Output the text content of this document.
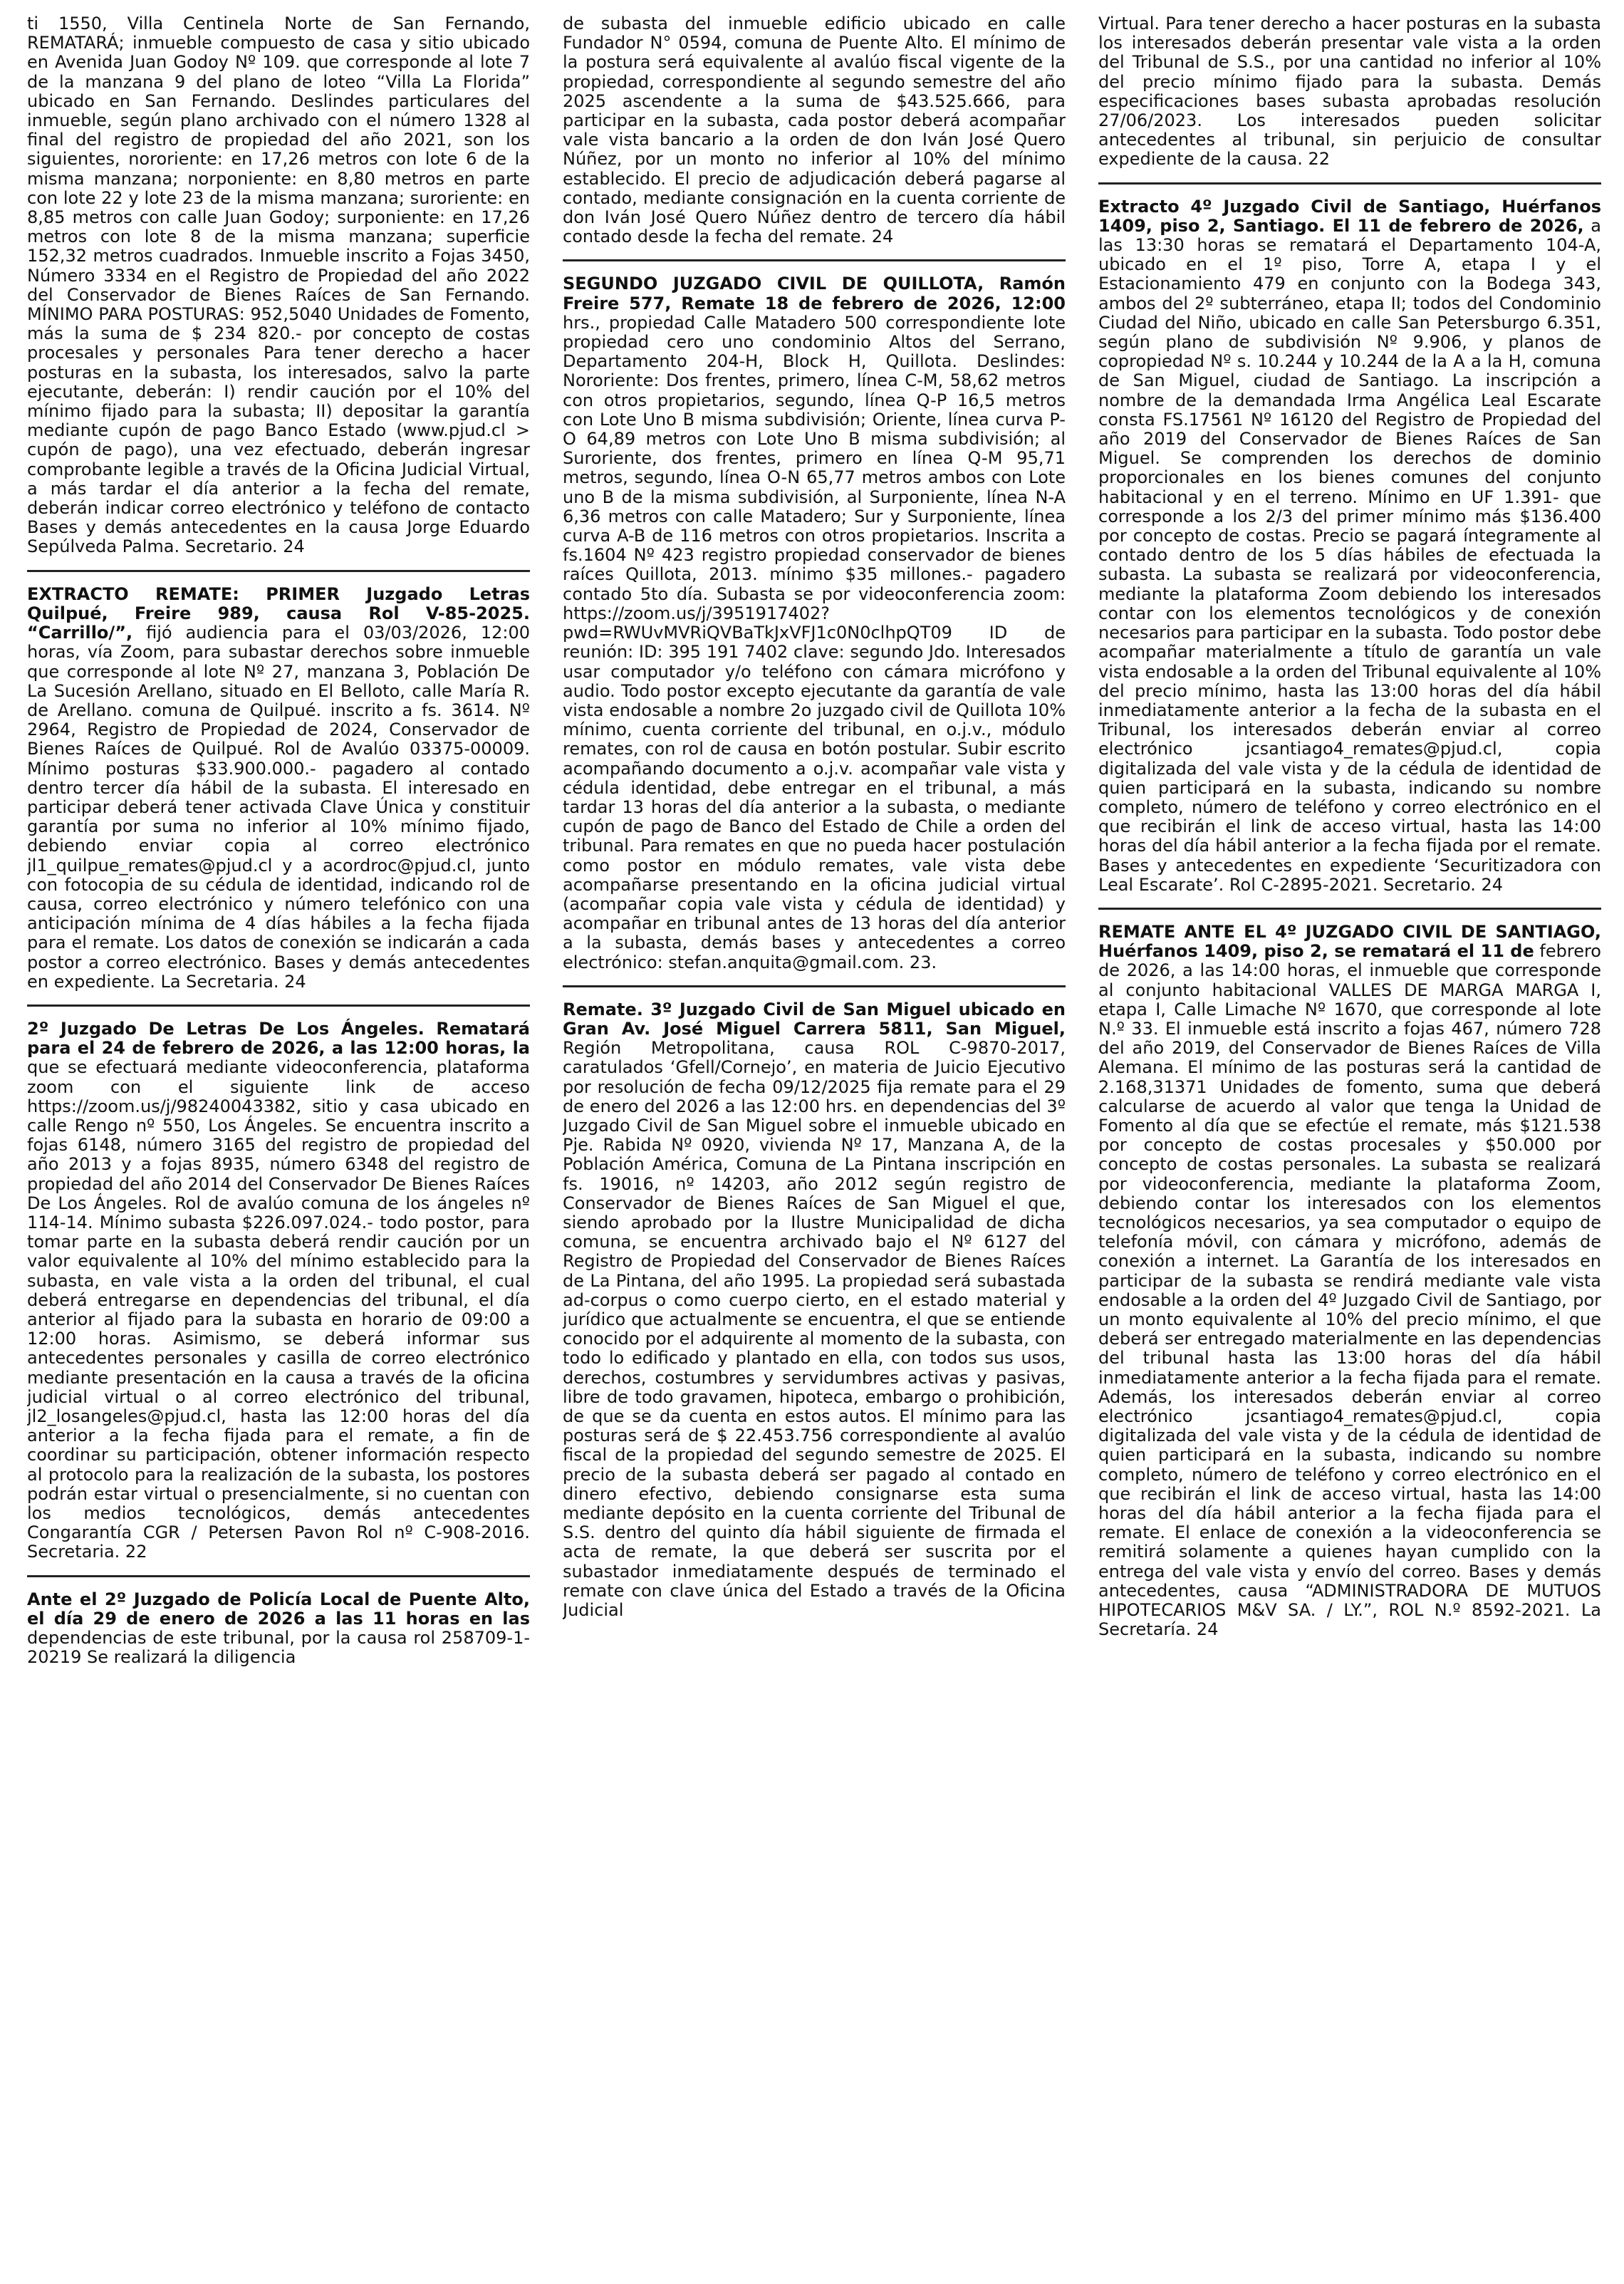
ti 1550, Villa Centinela Norte de San Fernando, REMATARÁ; inmueble compuesto de casa y sitio ubicado en Avenida Juan Godoy Nº 109. que corresponde al lote 7 de la manzana 9 del plano de loteo “Villa La Florida” ubicado en San Fernando. Deslindes particulares del inmueble, según plano archivado con el número 1328 al final del registro de propiedad del año 2021, son los siguientes, nororiente: en 17,26 metros con lote 6 de la misma manzana; norponiente: en 8,80 metros en parte con lote 22 y lote 23 de la misma manzana; suroriente: en 8,85 metros con calle Juan Godoy; surponiente: en 17,26 metros con lote 8 de la misma manzana; superficie 152,32 metros cuadrados. Inmueble inscrito a Fojas 3450, Número 3334 en el Registro de Propiedad del año 2022 del Conservador de Bienes Raíces de San Fernando. MÍNIMO PARA POSTURAS: 952,5040 Unidades de Fomento, más la suma de $ 234 820.- por concepto de costas procesales y personales Para tener derecho a hacer posturas en la subasta, los interesados, salvo la parte ejecutante, deberán: I) rendir caución por el 10% del mínimo fijado para la subasta; II) depositar la garantía mediante cupón de pago Banco Estado (www.pjud.cl > cupón de pago), una vez efectuado, deberán ingresar comprobante legible a través de la Oficina Judicial Virtual, a más tardar el día anterior a la fecha del remate, deberán indicar correo electrónico y teléfono de contacto Bases y demás antecedentes en la causa Jorge Eduardo Sepúlveda Palma. Secretario. 24

EXTRACTO REMATE: PRIMER Juzgado Letras Quilpué, Freire 989, causa Rol V-85-2025. “Carrillo/”, fijó audiencia para el 03/03/2026, 12:00 horas, vía Zoom, para subastar derechos sobre inmueble que corresponde al lote Nº 27, manzana 3, Población De La Sucesión Arellano, situado en El Belloto, calle María R. de Arellano. comuna de Quilpué. inscrito a fs. 3614. Nº 2964, Registro de Propiedad de 2024, Conservador de Bienes Raíces de Quilpué. Rol de Avalúo 03375-00009. Mínimo posturas $33.900.000.- pagadero al contado dentro tercer día hábil de la subasta. El interesado en participar deberá tener activada Clave Única y constituir garantía por suma no inferior al 10% mínimo fijado, debiendo enviar copia al correo electrónico jl1_quilpue_remates@pjud.cl y a acordroc@pjud.cl, junto con fotocopia de su cédula de identidad, indicando rol de causa, correo electrónico y número telefónico con una anticipación mínima de 4 días hábiles a la fecha fijada para el remate. Los datos de conexión se indicarán a cada postor a correo electrónico. Bases y demás antecedentes en expediente. La Secretaria. 24

2º Juzgado De Letras De Los Ángeles. Rematará para el 24 de febrero de 2026, a las 12:00 horas, la que se efectuará mediante videoconferencia, plataforma zoom con el siguiente link de acceso https://zoom.us/j/98240043382, sitio y casa ubicado en calle Rengo nº 550, Los Ángeles. Se encuentra inscrito a fojas 6148, número 3165 del registro de propiedad del año 2013 y a fojas 8935, número 6348 del registro de propiedad del año 2014 del Conservador De Bienes Raíces De Los Ángeles. Rol de avalúo comuna de los ángeles nº 114-14. Mínimo subasta $226.097.024.- todo postor, para tomar parte en la subasta deberá rendir caución por un valor equivalente al 10% del mínimo establecido para la subasta, en vale vista a la orden del tribunal, el cual deberá entregarse en dependencias del tribunal, el día anterior al fijado para la subasta en horario de 09:00 a 12:00 horas. Asimismo, se deberá informar sus antecedentes personales y casilla de correo electrónico mediante presentación en la causa a través de la oficina judicial virtual o al correo electrónico del tribunal, jl2_losangeles@pjud.cl, hasta las 12:00 horas del día anterior a la fecha fijada para el remate, a fin de coordinar su participación, obtener información respecto al protocolo para la realización de la subasta, los postores podrán estar virtual o presencialmente, si no cuentan con los medios tecnológicos, demás antecedentes Congarantía CGR / Petersen Pavon Rol nº C-908-2016. Secretaria. 22

Ante el 2º Juzgado de Policía Local de Puente Alto, el día 29 de enero de 2026 a las 11 horas en las dependencias de este tribunal, por la causa rol 258709-1-20219 Se realizará la diligencia

de subasta del inmueble edificio ubicado en calle Fundador N° 0594, comuna de Puente Alto. El mínimo de la postura será equivalente al avalúo fiscal vigente de la propiedad, correspondiente al segundo semestre del año 2025 ascendente a la suma de $43.525.666, para participar en la subasta, cada postor deberá acompañar vale vista bancario a la orden de don Iván José Quero Núñez, por un monto no inferior al 10% del mínimo establecido. El precio de adjudicación deberá pagarse al contado, mediante consignación en la cuenta corriente de don Iván José Quero Núñez dentro de tercero día hábil contado desde la fecha del remate. 24

SEGUNDO JUZGADO CIVIL DE QUILLOTA, Ramón Freire 577, Remate 18 de febrero de 2026, 12:00 hrs., propiedad Calle Matadero 500 correspondiente lote propiedad cero uno condominio Altos del Serrano, Departamento 204-H, Block H, Quillota. Deslindes: Nororiente: Dos frentes, primero, línea C-M, 58,62 metros con otros propietarios, segundo, línea Q-P 16,5 metros con Lote Uno B misma subdivisión; Oriente, línea curva P-O 64,89 metros con Lote Uno B misma subdivisión; al Suroriente, dos frentes, primero en línea Q-M 95,71 metros, segundo, línea O-N 65,77 metros ambos con Lote uno B de la misma subdivisión, al Surponiente, línea N-A 6,36 metros con calle Matadero; Sur y Surponiente, línea curva A-B de 116 metros con otros propietarios. Inscrita a fs.1604 Nº 423 registro propiedad conservador de bienes raíces Quillota, 2013. mínimo $35 millones.- pagadero contado 5to día. Subasta se por videoconferencia zoom: https://zoom.us/j/3951917402?pwd=RWUvMVRiQVBaTkJxVFJ1c0N0clhpQT09 ID de reunión: ID: 395 191 7402 clave: segundo Jdo. Interesados usar computador y/o teléfono con cámara micrófono y audio. Todo postor excepto ejecutante da garantía de vale vista endosable a nombre 2o juzgado civil de Quillota 10% mínimo, cuenta corriente del tribunal, en o.j.v., módulo remates, con rol de causa en botón postular. Subir escrito acompañando documento a o.j.v. acompañar vale vista y cédula identidad, debe entregar en el tribunal, a más tardar 13 horas del día anterior a la subasta, o mediante cupón de pago de Banco del Estado de Chile a orden del tribunal. Para remates en que no pueda hacer postulación como postor en módulo remates, vale vista debe acompañarse presentando en la oficina judicial virtual (acompañar copia vale vista y cédula de identidad) y acompañar en tribunal antes de 13 horas del día anterior a la subasta, demás bases y antecedentes a correo electrónico: stefan.anquita@gmail.com. 23.

Remate. 3º Juzgado Civil de San Miguel ubicado en Gran Av. José Miguel Carrera 5811, San Miguel, Región Metropolitana, causa ROL C-9870-2017, caratulados ‘Gfell/Cornejo’, en materia de Juicio Ejecutivo por resolución de fecha 09/12/2025 fija remate para el 29 de enero del 2026 a las 12:00 hrs. en dependencias del 3º Juzgado Civil de San Miguel sobre el inmueble ubicado en Pje. Rabida Nº 0920, vivienda Nº 17, Manzana A, de la Población América, Comuna de La Pintana inscripción en fs. 19016, nº 14203, año 2012 según registro de Conservador de Bienes Raíces de San Miguel el que, siendo aprobado por la Ilustre Municipalidad de dicha comuna, se encuentra archivado bajo el Nº 6127 del Registro de Propiedad del Conservador de Bienes Raíces de La Pintana, del año 1995. La propiedad será subastada ad-corpus o como cuerpo cierto, en el estado material y jurídico que actualmente se encuentra, el que se entiende conocido por el adquirente al momento de la subasta, con todo lo edificado y plantado en ella, con todos sus usos, derechos, costumbres y servidumbres activas y pasivas, libre de todo gravamen, hipoteca, embargo o prohibición, de que se da cuenta en estos autos. El mínimo para las posturas será de $ 22.453.756 correspondiente al avalúo fiscal de la propiedad del segundo semestre de 2025. El precio de la subasta deberá ser pagado al contado en dinero efectivo, debiendo consignarse esta suma mediante depósito en la cuenta corriente del Tribunal de S.S. dentro del quinto día hábil siguiente de firmada el acta de remate, la que deberá ser suscrita por el subastador inmediatamente después de terminado el remate con clave única del Estado a través de la Oficina Judicial

Virtual. Para tener derecho a hacer posturas en la subasta los interesados deberán presentar vale vista a la orden del Tribunal de S.S., por una cantidad no inferior al 10% del precio mínimo fijado para la subasta. Demás especificaciones bases subasta aprobadas resolución 27/06/2023. Los interesados pueden solicitar antecedentes al tribunal, sin perjuicio de consultar expediente de la causa. 22

Extracto 4º Juzgado Civil de Santiago, Huérfanos 1409, piso 2, Santiago. El 11 de febrero de 2026, a las 13:30 horas se rematará el Departamento 104-A, ubicado en el 1º piso, Torre A, etapa I y el Estacionamiento 479 en conjunto con la Bodega 343, ambos del 2º subterráneo, etapa II; todos del Condominio Ciudad del Niño, ubicado en calle San Petersburgo 6.351, según plano de subdivisión Nº 9.906, y planos de copropiedad Nº s. 10.244 y 10.244 de la A a la H, comuna de San Miguel, ciudad de Santiago. La inscripción a nombre de la demandada Irma Angélica Leal Escarate consta FS.17561 Nº 16120 del Registro de Propiedad del año 2019 del Conservador de Bienes Raíces de San Miguel. Se comprenden los derechos de dominio proporcionales en los bienes comunes del conjunto habitacional y en el terreno. Mínimo en UF 1.391- que corresponde a los 2/3 del primer mínimo más $136.400 por concepto de costas. Precio se pagará íntegramente al contado dentro de los 5 días hábiles de efectuada la subasta. La subasta se realizará por videoconferencia, mediante la plataforma Zoom debiendo los interesados contar con los elementos tecnológicos y de conexión necesarios para participar en la subasta. Todo postor debe acompañar materialmente a título de garantía un vale vista endosable a la orden del Tribunal equivalente al 10% del precio mínimo, hasta las 13:00 horas del día hábil inmediatamente anterior a la fecha de la subasta en el Tribunal, los interesados deberán enviar al correo electrónico jcsantiago4_remates@pjud.cl, copia digitalizada del vale vista y de la cédula de identidad de quien participará en la subasta, indicando su nombre completo, número de teléfono y correo electrónico en el que recibirán el link de acceso virtual, hasta las 14:00 horas del día hábil anterior a la fecha fijada por el remate. Bases y antecedentes en expediente ‘Securitizadora con Leal Escarate’. Rol C-2895-2021. Secretario. 24

REMATE ANTE EL 4º JUZGADO CIVIL DE SANTIAGO, Huérfanos 1409, piso 2, se rematará el 11 de febrero de 2026, a las 14:00 horas, el inmueble que corresponde al conjunto habitacional VALLES DE MARGA MARGA I, etapa I, Calle Limache Nº 1670, que corresponde al lote N.º 33. El inmueble está inscrito a fojas 467, número 728 del año 2019, del Conservador de Bienes Raíces de Villa Alemana. El mínimo de las posturas será la cantidad de 2.168,31371 Unidades de fomento, suma que deberá calcularse de acuerdo al valor que tenga la Unidad de Fomento al día que se efectúe el remate, más $121.538 por concepto de costas procesales y $50.000 por concepto de costas personales. La subasta se realizará por videoconferencia, mediante la plataforma Zoom, debiendo contar los interesados con los elementos tecnológicos necesarios, ya sea computador o equipo de telefonía móvil, con cámara y micrófono, además de conexión a internet. La Garantía de los interesados en participar de la subasta se rendirá mediante vale vista endosable a la orden del 4º Juzgado Civil de Santiago, por un monto equivalente al 10% del precio mínimo, el que deberá ser entregado materialmente en las dependencias del tribunal hasta las 13:00 horas del día hábil inmediatamente anterior a la fecha fijada para el remate. Además, los interesados deberán enviar al correo electrónico jcsantiago4_remates@pjud.cl, copia digitalizada del vale vista y de la cédula de identidad de quien participará en la subasta, indicando su nombre completo, número de teléfono y correo electrónico en el que recibirán el link de acceso virtual, hasta las 14:00 horas del día hábil anterior a la fecha fijada para el remate. El enlace de conexión a la videoconferencia se remitirá solamente a quienes hayan cumplido con la entrega del vale vista y envío del correo. Bases y demás antecedentes, causa “ADMINISTRADORA DE MUTUOS HIPOTECARIOS M&V SA. / LY.”, ROL N.º 8592-2021. La Secretaría. 24
